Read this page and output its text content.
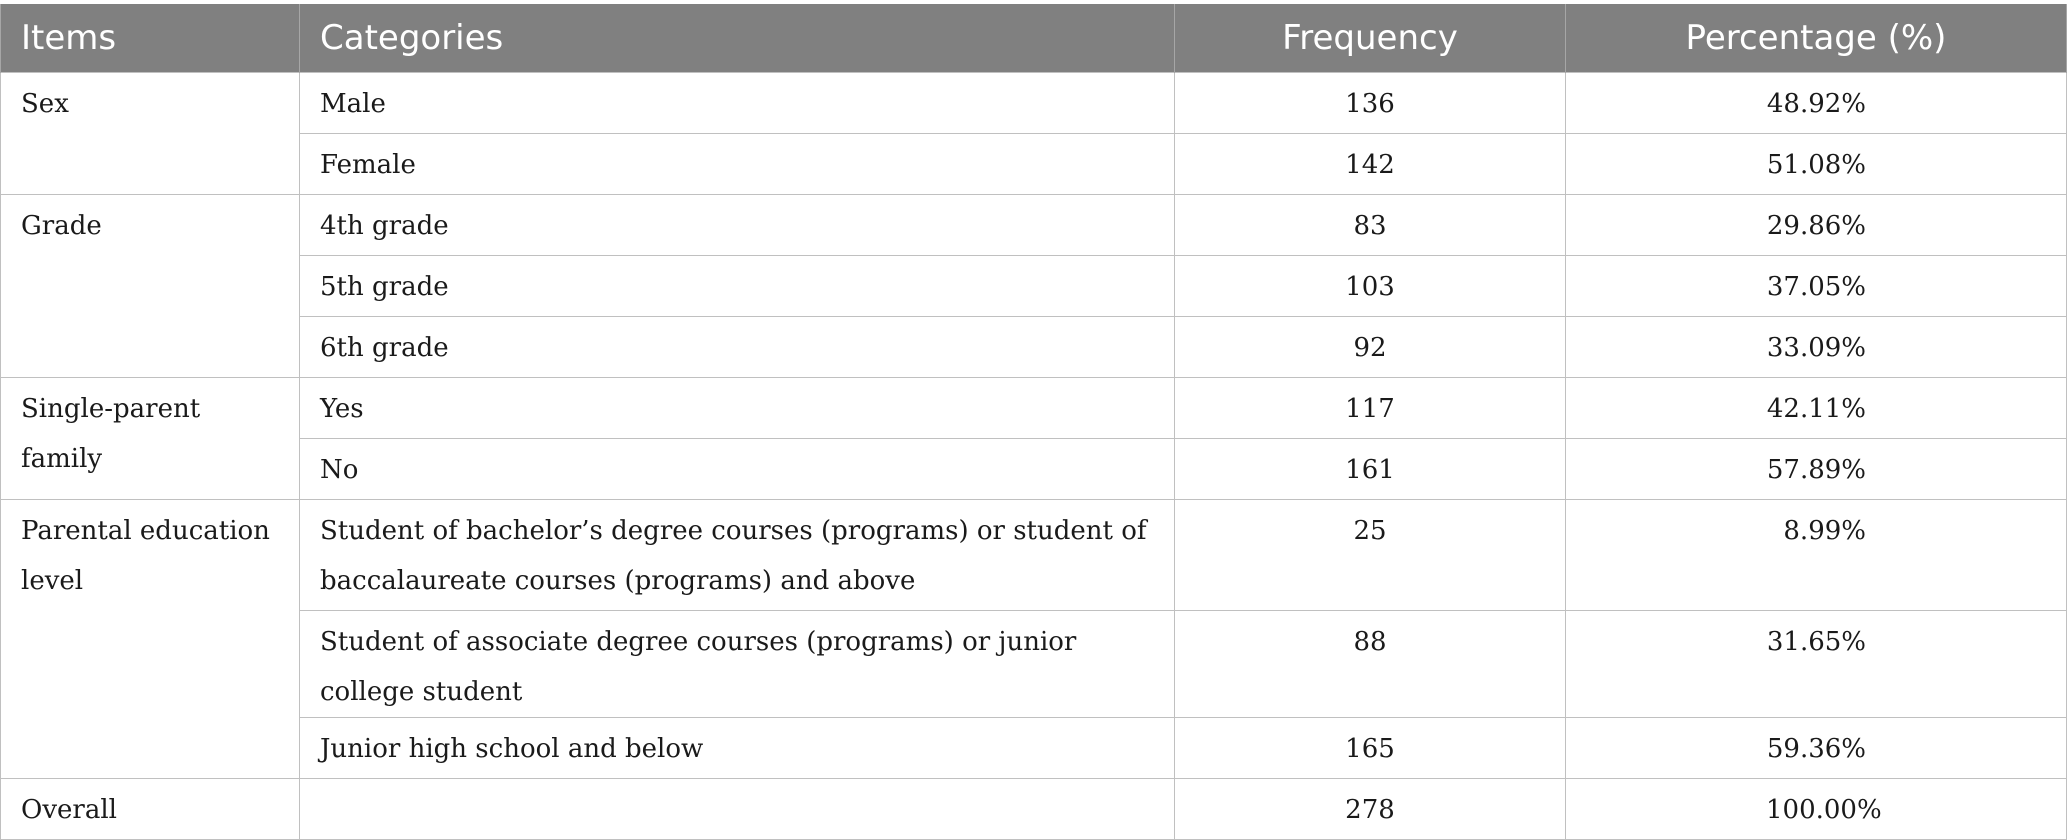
Items	Categories	Frequency	Percentage (%)
Sex	Male	136	48.92%
	Female	142	51.08%
Grade	4th grade	83	29.86%
	5th grade	103	37.05%
	6th grade	92	33.09%
Single-parent family	Yes	117	42.11%
	No	161	57.89%
Parental education level	Student of bachelor’s degree courses (programs) or student of baccalaureate courses (programs) and above	25	8.99%
	Student of associate degree courses (programs) or junior college student	88	31.65%
	Junior high school and below	165	59.36%
Overall		278	100.00%
